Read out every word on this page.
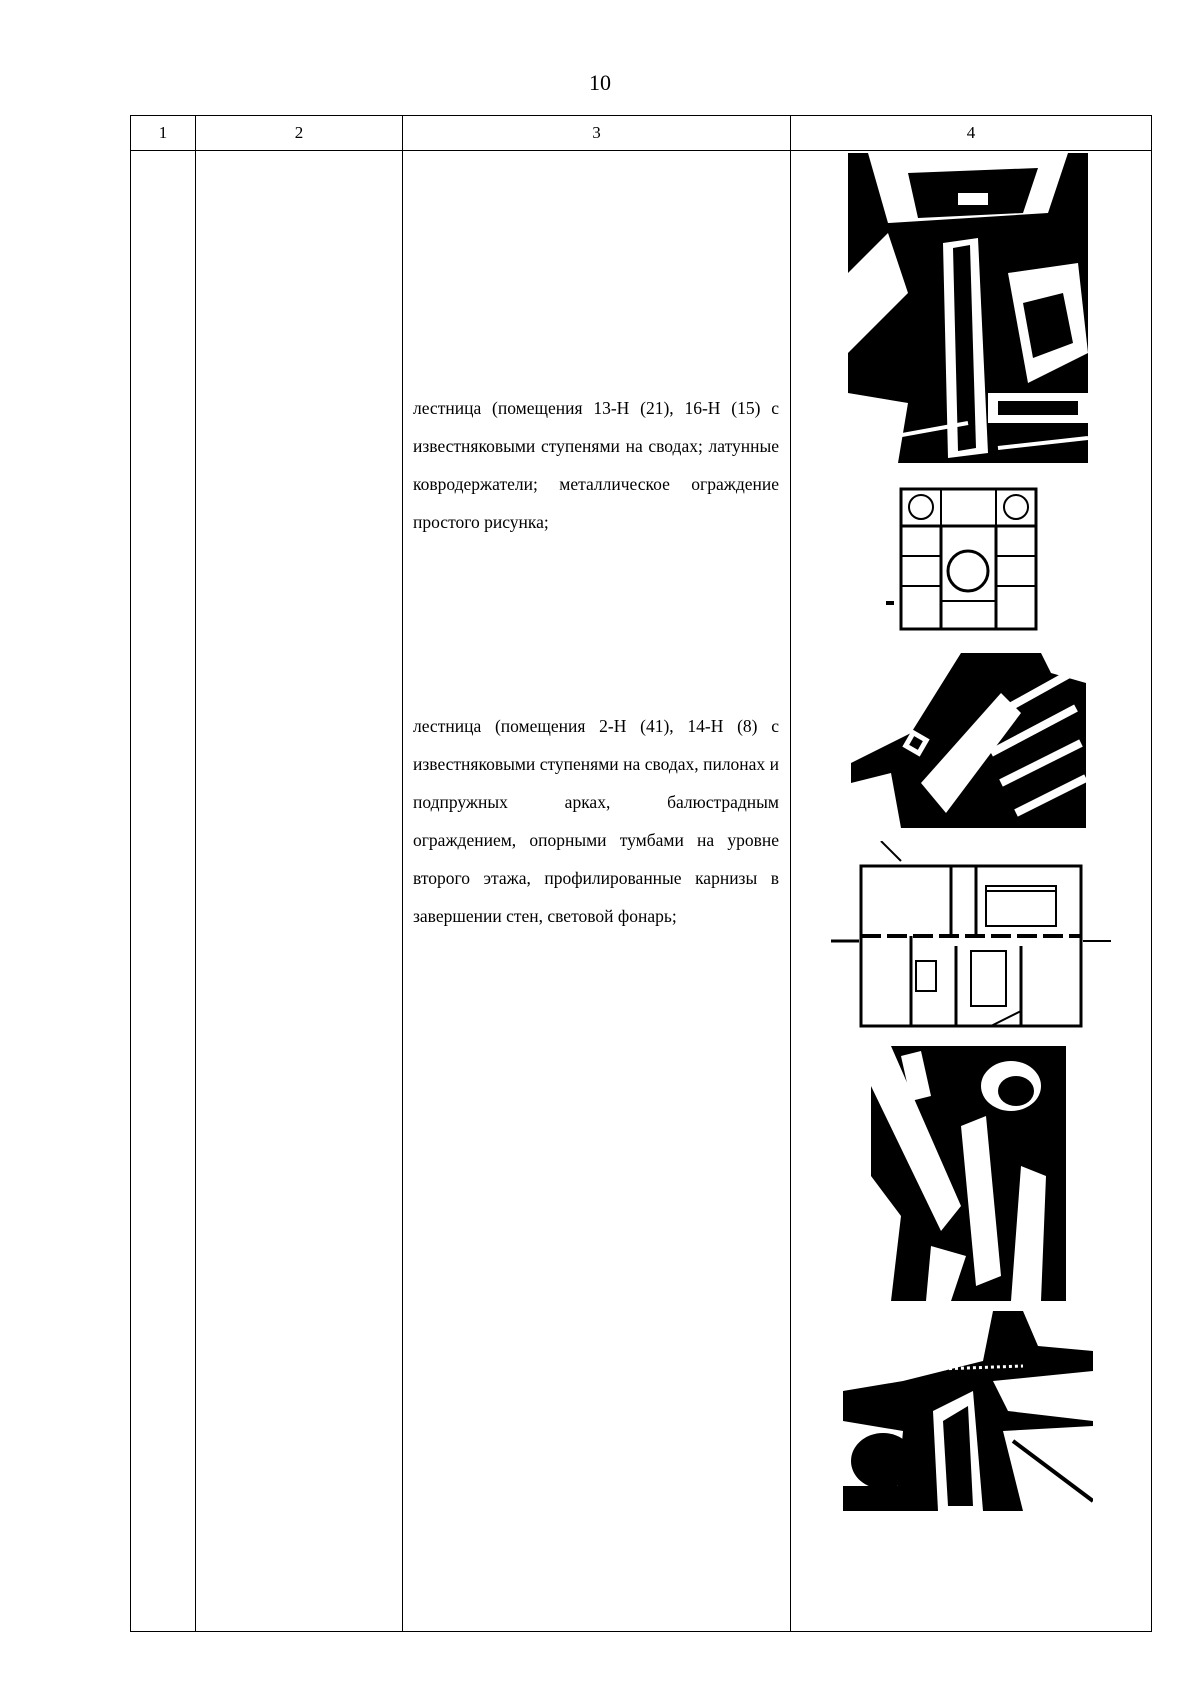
10
1	2	3	4

		лестница (помещения 13-Н (21), 16-Н (15) с известняковыми ступенями на сводах; латунные ковродержатели; металлическое ограждение простого рисунка;
лестница (помещения 2-Н (41), 14-Н (8) с известняковыми ступенями на сводах, пилонах и подпружных арках, балюстрадным ограждением, опорными тумбами на уровне второго этажа, профилированные карнизы в завершении стен, световой фонарь;
